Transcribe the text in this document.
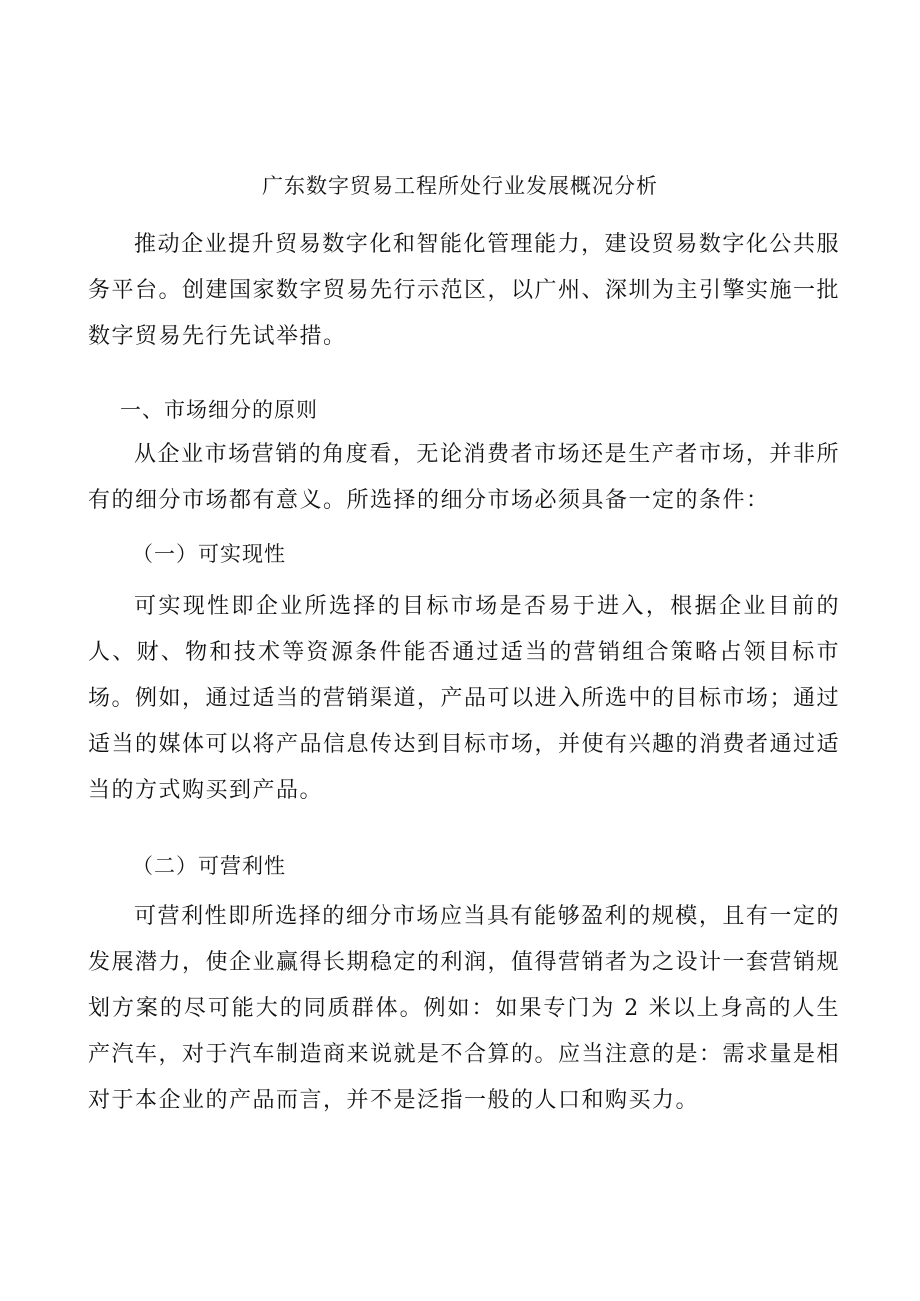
广东数字贸易工程所处行业发展概况分析

推动企业提升贸易数字化和智能化管理能力，建设贸易数字化公共服务平台。创建国家数字贸易先行示范区，以广州、深圳为主引擎实施一批数字贸易先行先试举措。

一、市场细分的原则

从企业市场营销的角度看，无论消费者市场还是生产者市场，并非所有的细分市场都有意义。所选择的细分市场必须具备一定的条件：

（一）可实现性

可实现性即企业所选择的目标市场是否易于进入，根据企业目前的人、财、物和技术等资源条件能否通过适当的营销组合策略占领目标市场。例如，通过适当的营销渠道，产品可以进入所选中的目标市场；通过适当的媒体可以将产品信息传达到目标市场，并使有兴趣的消费者通过适当的方式购买到产品。

（二）可营利性

可营利性即所选择的细分市场应当具有能够盈利的规模，且有一定的发展潜力，使企业赢得长期稳定的利润，值得营销者为之设计一套营销规划方案的尽可能大的同质群体。例如：如果专门为 2 米以上身高的人生产汽车，对于汽车制造商来说就是不合算的。应当注意的是：需求量是相对于本企业的产品而言，并不是泛指一般的人口和购买力。
